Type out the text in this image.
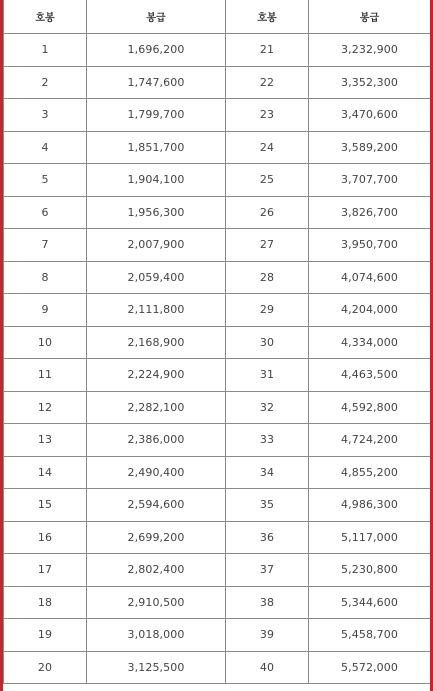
호봉	봉급	호봉	봉급
1	1,696,200	21	3,232,900
2	1,747,600	22	3,352,300
3	1,799,700	23	3,470,600
4	1,851,700	24	3,589,200
5	1,904,100	25	3,707,700
6	1,956,300	26	3,826,700
7	2,007,900	27	3,950,700
8	2,059,400	28	4,074,600
9	2,111,800	29	4,204,000
10	2,168,900	30	4,334,000
11	2,224,900	31	4,463,500
12	2,282,100	32	4,592,800
13	2,386,000	33	4,724,200
14	2,490,400	34	4,855,200
15	2,594,600	35	4,986,300
16	2,699,200	36	5,117,000
17	2,802,400	37	5,230,800
18	2,910,500	38	5,344,600
19	3,018,000	39	5,458,700
20	3,125,500	40	5,572,000
